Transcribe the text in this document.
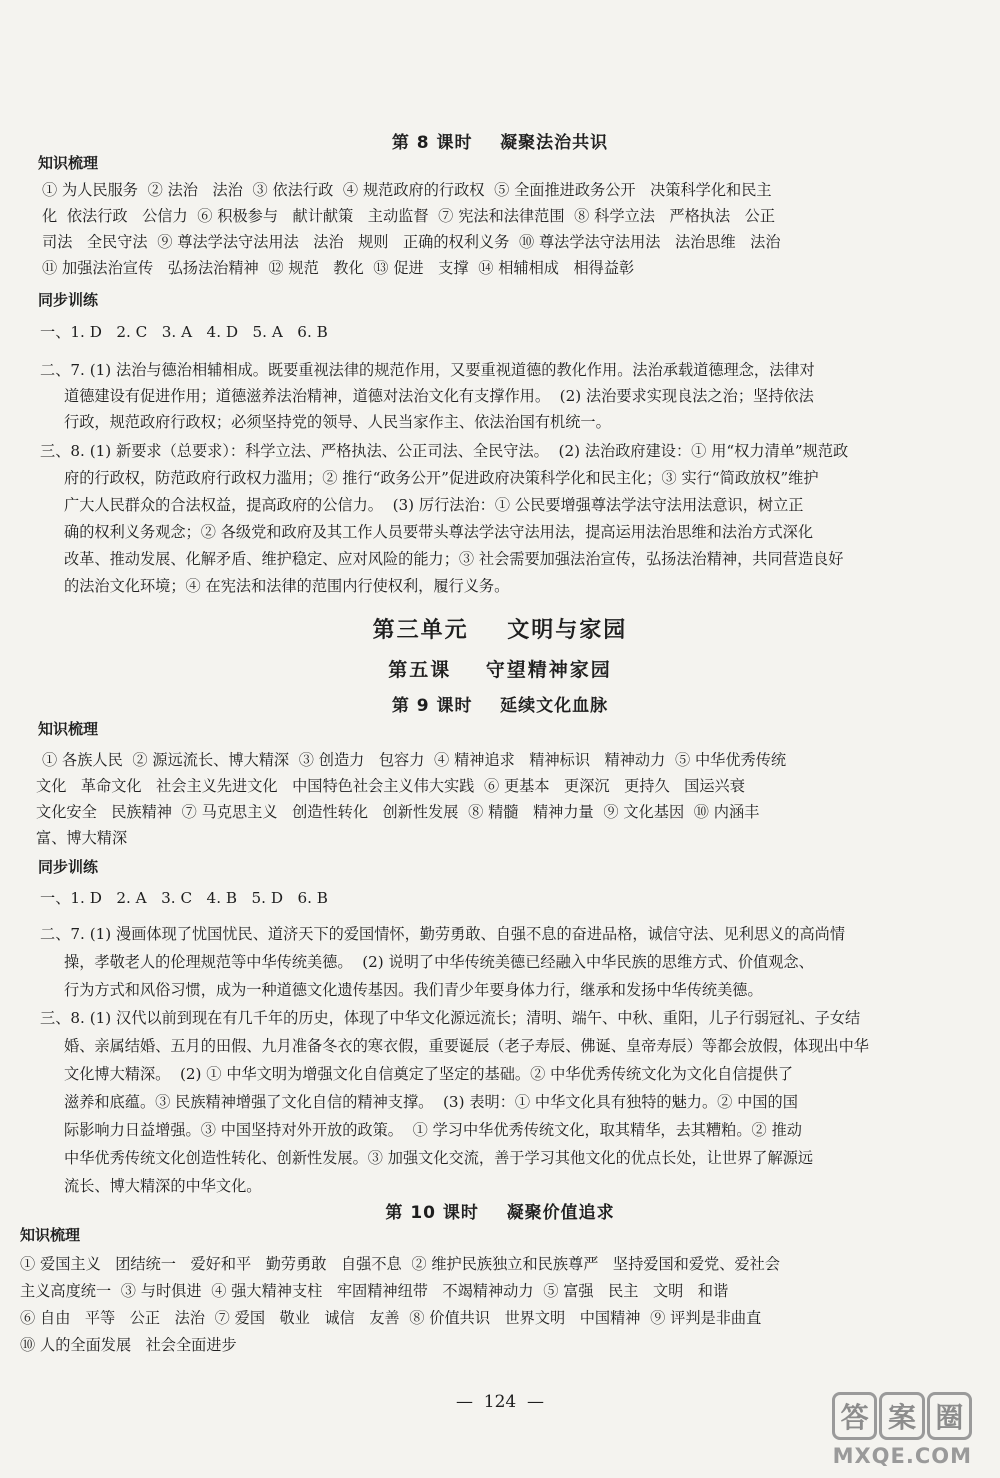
第 8 课时    凝聚法治共识
知识梳理
① 为人民服务  ② 法治   法治  ③ 依法行政  ④ 规范政府的行政权  ⑤ 全面推进政务公开   决策科学化和民主
化  依法行政   公信力  ⑥ 积极参与   献计献策   主动监督  ⑦ 宪法和法律范围  ⑧ 科学立法   严格执法   公正
司法   全民守法  ⑨ 尊法学法守法用法   法治   规则   正确的权利义务  ⑩ 尊法学法守法用法   法治思维   法治
⑪ 加强法治宣传   弘扬法治精神  ⑫ 规范   教化  ⑬ 促进   支撑  ⑭ 相辅相成   相得益彰
同步训练
一、1. D   2. C   3. A   4. D   5. A   6. B
二、7. (1) 法治与德治相辅相成。既要重视法律的规范作用，又要重视道德的教化作用。法治承载道德理念，法律对
道德建设有促进作用；道德滋养法治精神，道德对法治文化有支撑作用。  (2) 法治要求实现良法之治；坚持依法
行政，规范政府行政权；必须坚持党的领导、人民当家作主、依法治国有机统一。
三、8. (1) 新要求（总要求）：科学立法、严格执法、公正司法、全民守法。  (2) 法治政府建设：① 用“权力清单”规范政
府的行政权，防范政府行政权力滥用；② 推行“政务公开”促进政府决策科学化和民主化；③ 实行“简政放权”维护
广大人民群众的合法权益，提高政府的公信力。  (3) 厉行法治：① 公民要增强尊法学法守法用法意识，树立正
确的权利义务观念；② 各级党和政府及其工作人员要带头尊法学法守法用法，提高运用法治思维和法治方式深化
改革、推动发展、化解矛盾、维护稳定、应对风险的能力；③ 社会需要加强法治宣传，弘扬法治精神，共同营造良好
的法治文化环境；④ 在宪法和法律的范围内行使权利，履行义务。
第三单元    文明与家园
第五课    守望精神家园
第 9 课时    延续文化血脉
知识梳理
① 各族人民  ② 源远流长、博大精深  ③ 创造力   包容力  ④ 精神追求   精神标识   精神动力  ⑤ 中华优秀传统
文化   革命文化   社会主义先进文化   中国特色社会主义伟大实践  ⑥ 更基本   更深沉   更持久   国运兴衰
文化安全   民族精神  ⑦ 马克思主义   创造性转化   创新性发展  ⑧ 精髓   精神力量  ⑨ 文化基因  ⑩ 内涵丰
富、博大精深
同步训练
一、1. D   2. A   3. C   4. B   5. D   6. B
二、7. (1) 漫画体现了忧国忧民、道济天下的爱国情怀，勤劳勇敢、自强不息的奋进品格，诚信守法、见利思义的高尚情
操，孝敬老人的伦理规范等中华传统美德。  (2) 说明了中华传统美德已经融入中华民族的思维方式、价值观念、
行为方式和风俗习惯，成为一种道德文化遗传基因。我们青少年要身体力行，继承和发扬中华传统美德。
三、8. (1) 汉代以前到现在有几千年的历史，体现了中华文化源远流长；清明、端午、中秋、重阳，儿子行弱冠礼、子女结
婚、亲属结婚、五月的田假、九月准备冬衣的寒衣假，重要诞辰（老子寿辰、佛诞、皇帝寿辰）等都会放假，体现出中华
文化博大精深。  (2) ① 中华文明为增强文化自信奠定了坚定的基础。② 中华优秀传统文化为文化自信提供了
滋养和底蕴。③ 民族精神增强了文化自信的精神支撑。  (3) 表明：① 中华文化具有独特的魅力。② 中国的国
际影响力日益增强。③ 中国坚持对外开放的政策。  ① 学习中华优秀传统文化，取其精华，去其糟粕。② 推动
中华优秀传统文化创造性转化、创新性发展。③ 加强文化交流，善于学习其他文化的优点长处，让世界了解源远
流长、博大精深的中华文化。
第 10 课时    凝聚价值追求
知识梳理
① 爱国主义   团结统一   爱好和平   勤劳勇敢   自强不息  ② 维护民族独立和民族尊严   坚持爱国和爱党、爱社会
主义高度统一  ③ 与时俱进  ④ 强大精神支柱   牢固精神纽带   不竭精神动力  ⑤ 富强   民主   文明   和谐
⑥ 自由   平等   公正   法治  ⑦ 爱国   敬业   诚信   友善  ⑧ 价值共识   世界文明   中国精神  ⑨ 评判是非曲直
⑩ 人的全面发展   社会全面进步
—  124  —	答 案 圈
MXQE.COM
